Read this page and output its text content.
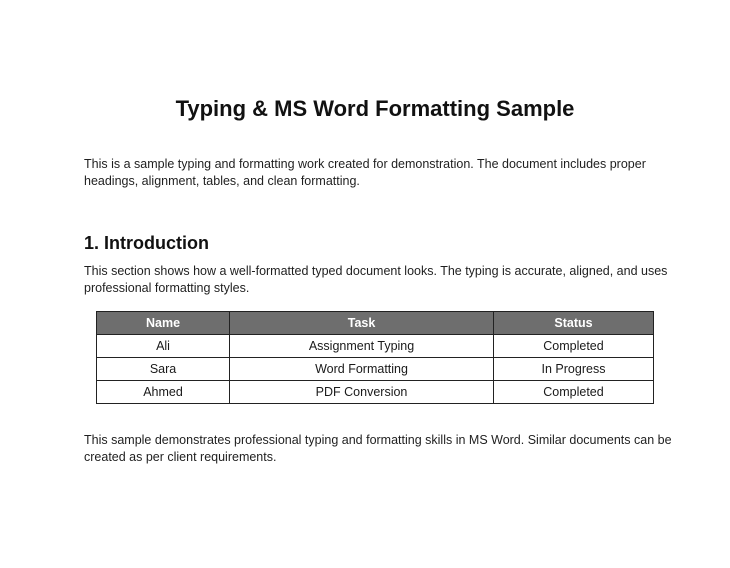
Typing & MS Word Formatting Sample

This is a sample typing and formatting work created for demonstration. The document includes proper headings, alignment, tables, and clean formatting.

1. Introduction

This section shows how a well-formatted typed document looks. The typing is accurate, aligned, and uses professional formatting styles.

Name	Task	Status
Ali	Assignment Typing	Completed
Sara	Word Formatting	In Progress
Ahmed	PDF Conversion	Completed

This sample demonstrates professional typing and formatting skills in MS Word. Similar documents can be created as per client requirements.
